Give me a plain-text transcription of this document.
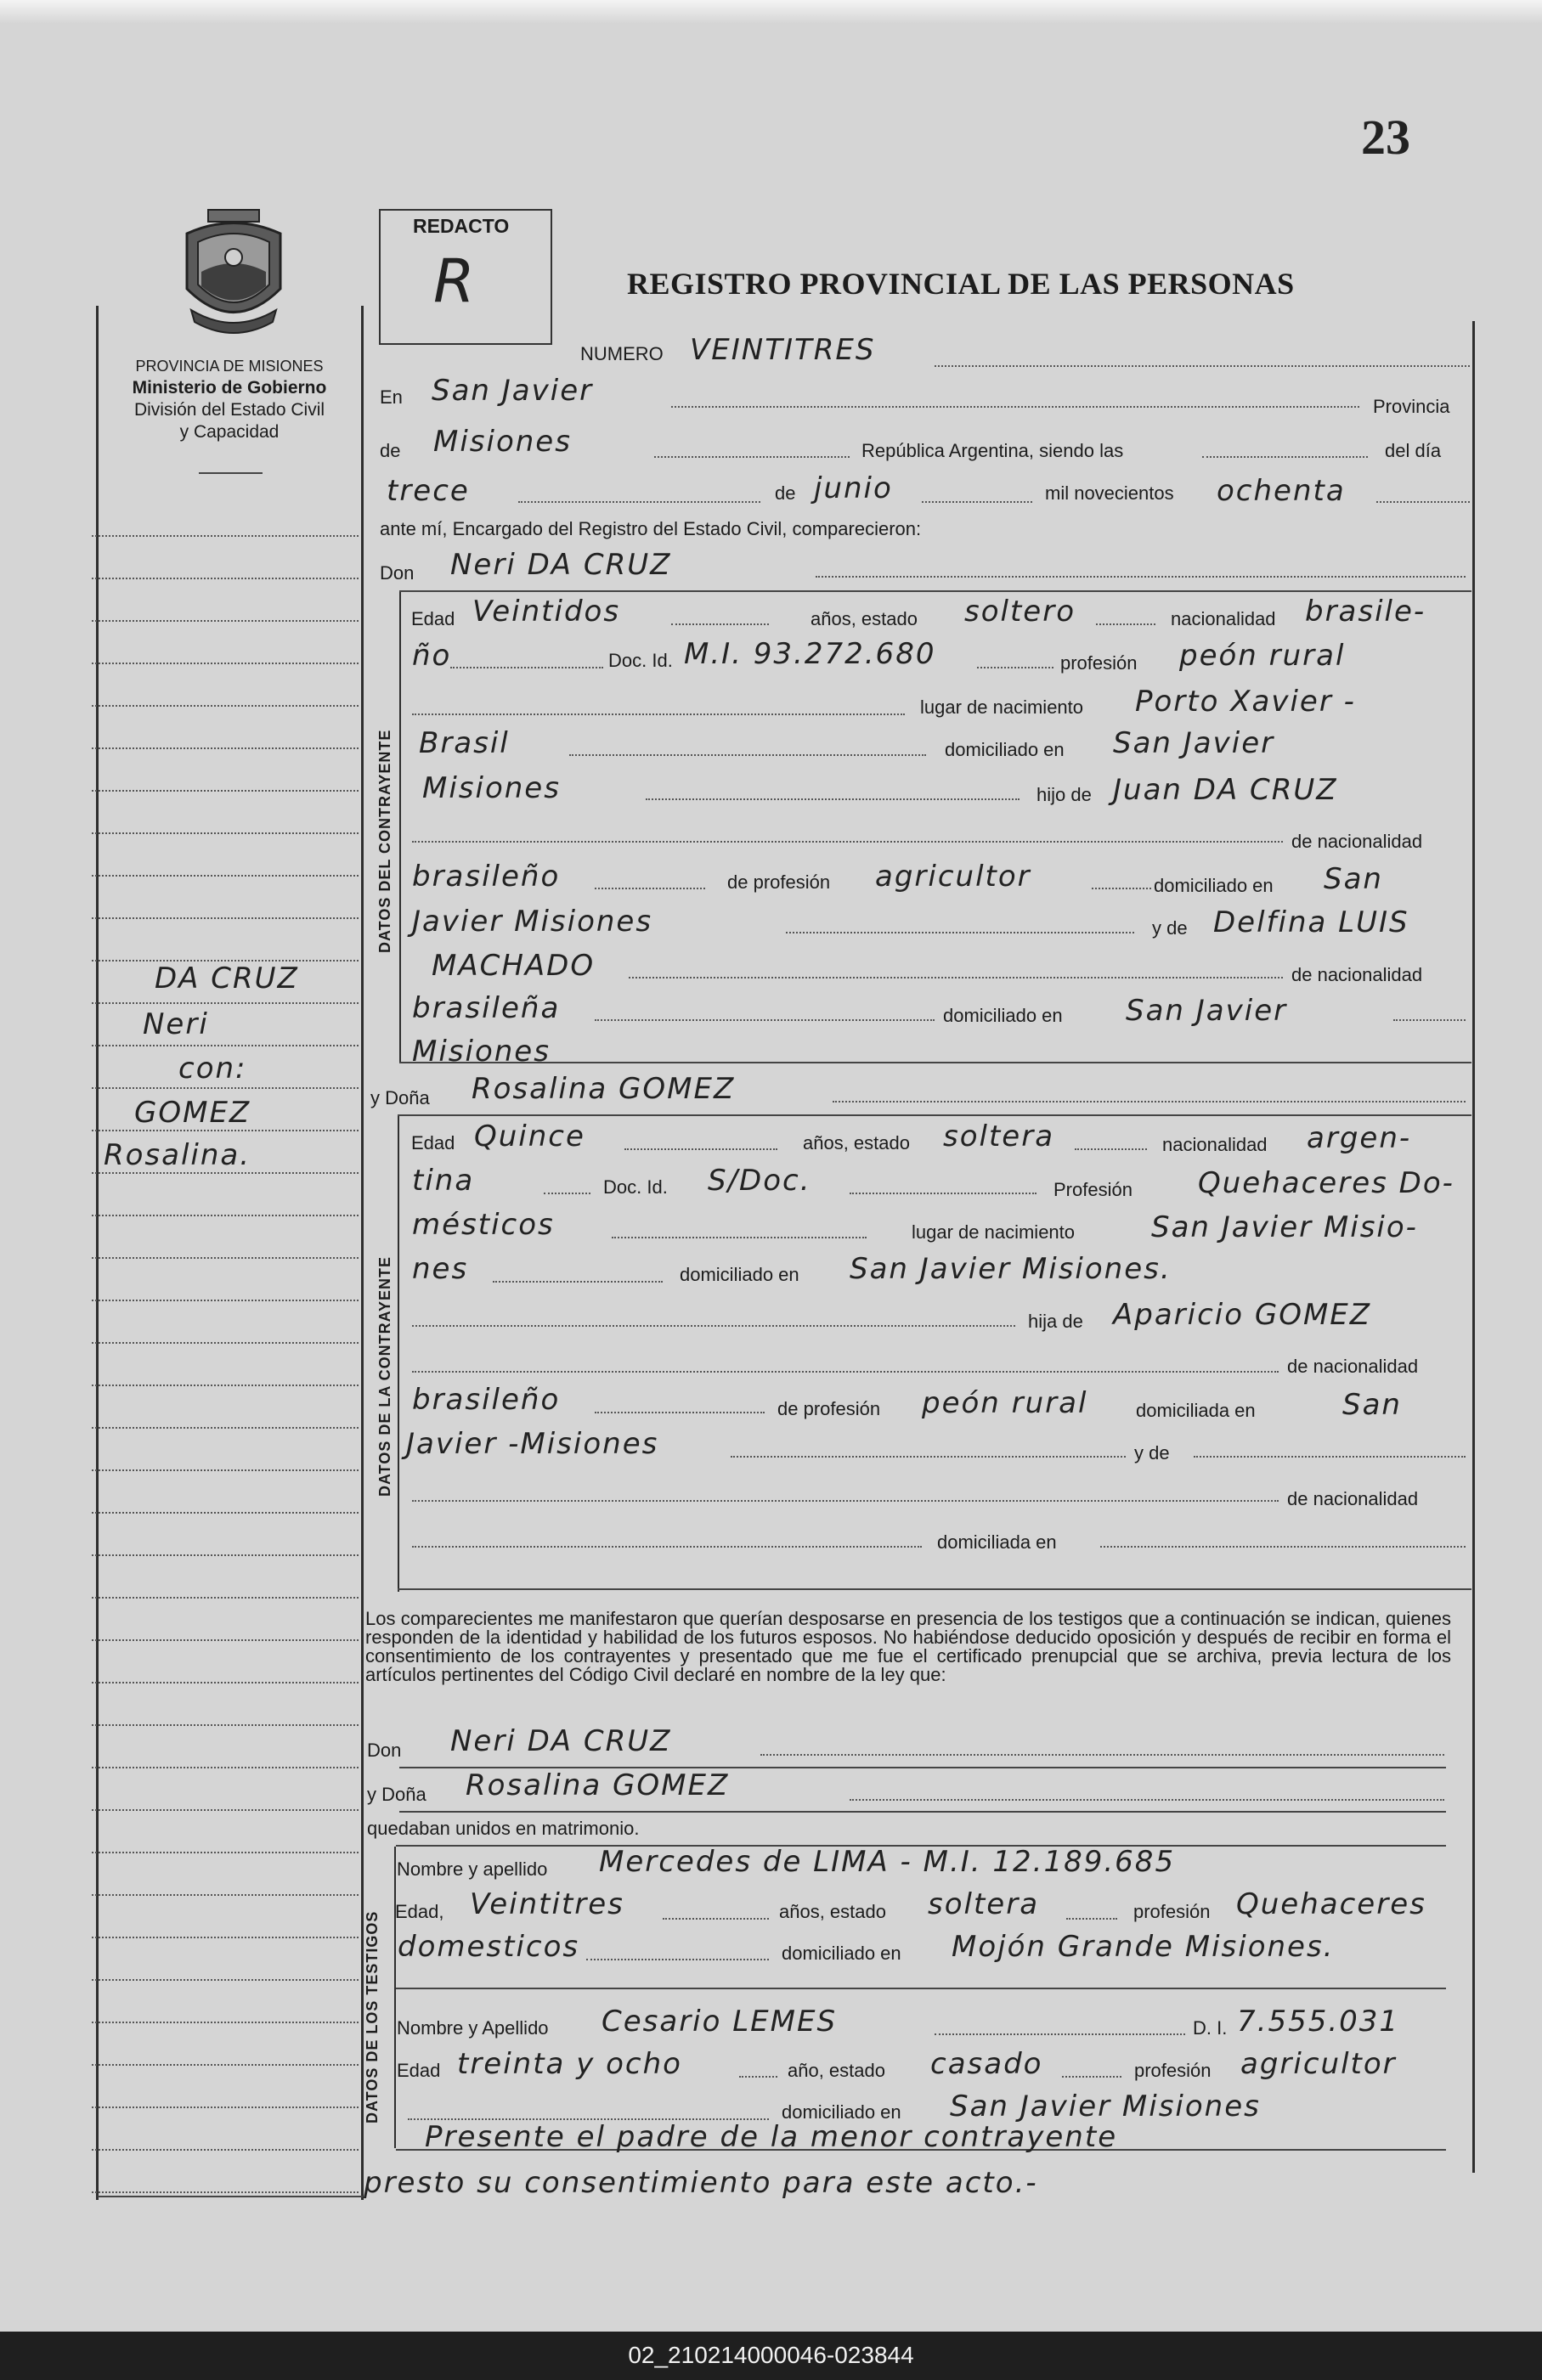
02_210214000046-023844
23
PROVINCIA DE MISIONES
Ministerio de Gobierno
División del Estado Civil
y Capacidad
DA CRUZ
Neri
con:
GOMEZ
Rosalina.
REDACTO
R	REGISTRO PROVINCIAL DE LAS PERSONAS
NUMERO VEINTITRES
En San Javier	Provincia
de Misiones	República Argentina, siendo las	del día
trece	de junio	mil novecientos ochenta
ante mí, Encargado del Registro del Estado Civil, comparecieron:
Don Neri DA CRUZ
DATOS DEL CONTRAYENTE
Edad Veintidos	años, estado soltero	nacionalidad brasile-
ño	Doc. Id. M.I. 93.272.680	profesión peón rural
lugar de nacimiento Porto Xavier -
Brasil	domiciliado en San Javier
Misiones	hijo de Juan DA CRUZ
de nacionalidad
brasileño	de profesión agricultor	domiciliado en San
Javier Misiones	y de Delfina LUIS
MACHADO	de nacionalidad
brasileña	domiciliado en San Javier
Misiones
y Doña Rosalina GOMEZ
DATOS DE LA CONTRAYENTE
Edad Quince	años, estado soltera	nacionalidad argen-
tina	Doc. Id. S/Doc.	Profesión Quehaceres Do-
mésticos	lugar de nacimiento	San Javier Misio-
nes	domiciliado en San Javier Misiones.
hija de Aparicio GOMEZ
de nacionalidad
brasileño	de profesión peón rural	domiciliada en	San
Javier -Misiones	y de
de nacionalidad
domiciliada en
Los comparecientes me manifestaron que querían desposarse en presencia de los testigos que a continuación se indican, quienes responden de la identidad y habilidad de los futuros esposos. No habiéndose deducido oposición y después de recibir en forma el consentimiento de los contrayentes y presentado que me fue el certificado prenupcial que se archiva, previa lectura de los artículos pertinentes del Código Civil declaré en nombre de la ley que:
Don Neri DA CRUZ
y Doña Rosalina GOMEZ
quedaban unidos en matrimonio.
DATOS DE LOS TESTIGOS
Nombre y apellido Mercedes de LIMA - M.I. 12.189.685
Edad, Veintitres	años, estado soltera	profesión Quehaceres
domesticos	domiciliado en Mojón Grande Misiones.
Nombre y Apellido Cesario LEMES	D. I. 7.555.031
Edad treinta y ocho	año, estado casado	profesión agricultor
domiciliado en San Javier Misiones
Presente el padre de la menor contrayente
presto su consentimiento para este acto.-
